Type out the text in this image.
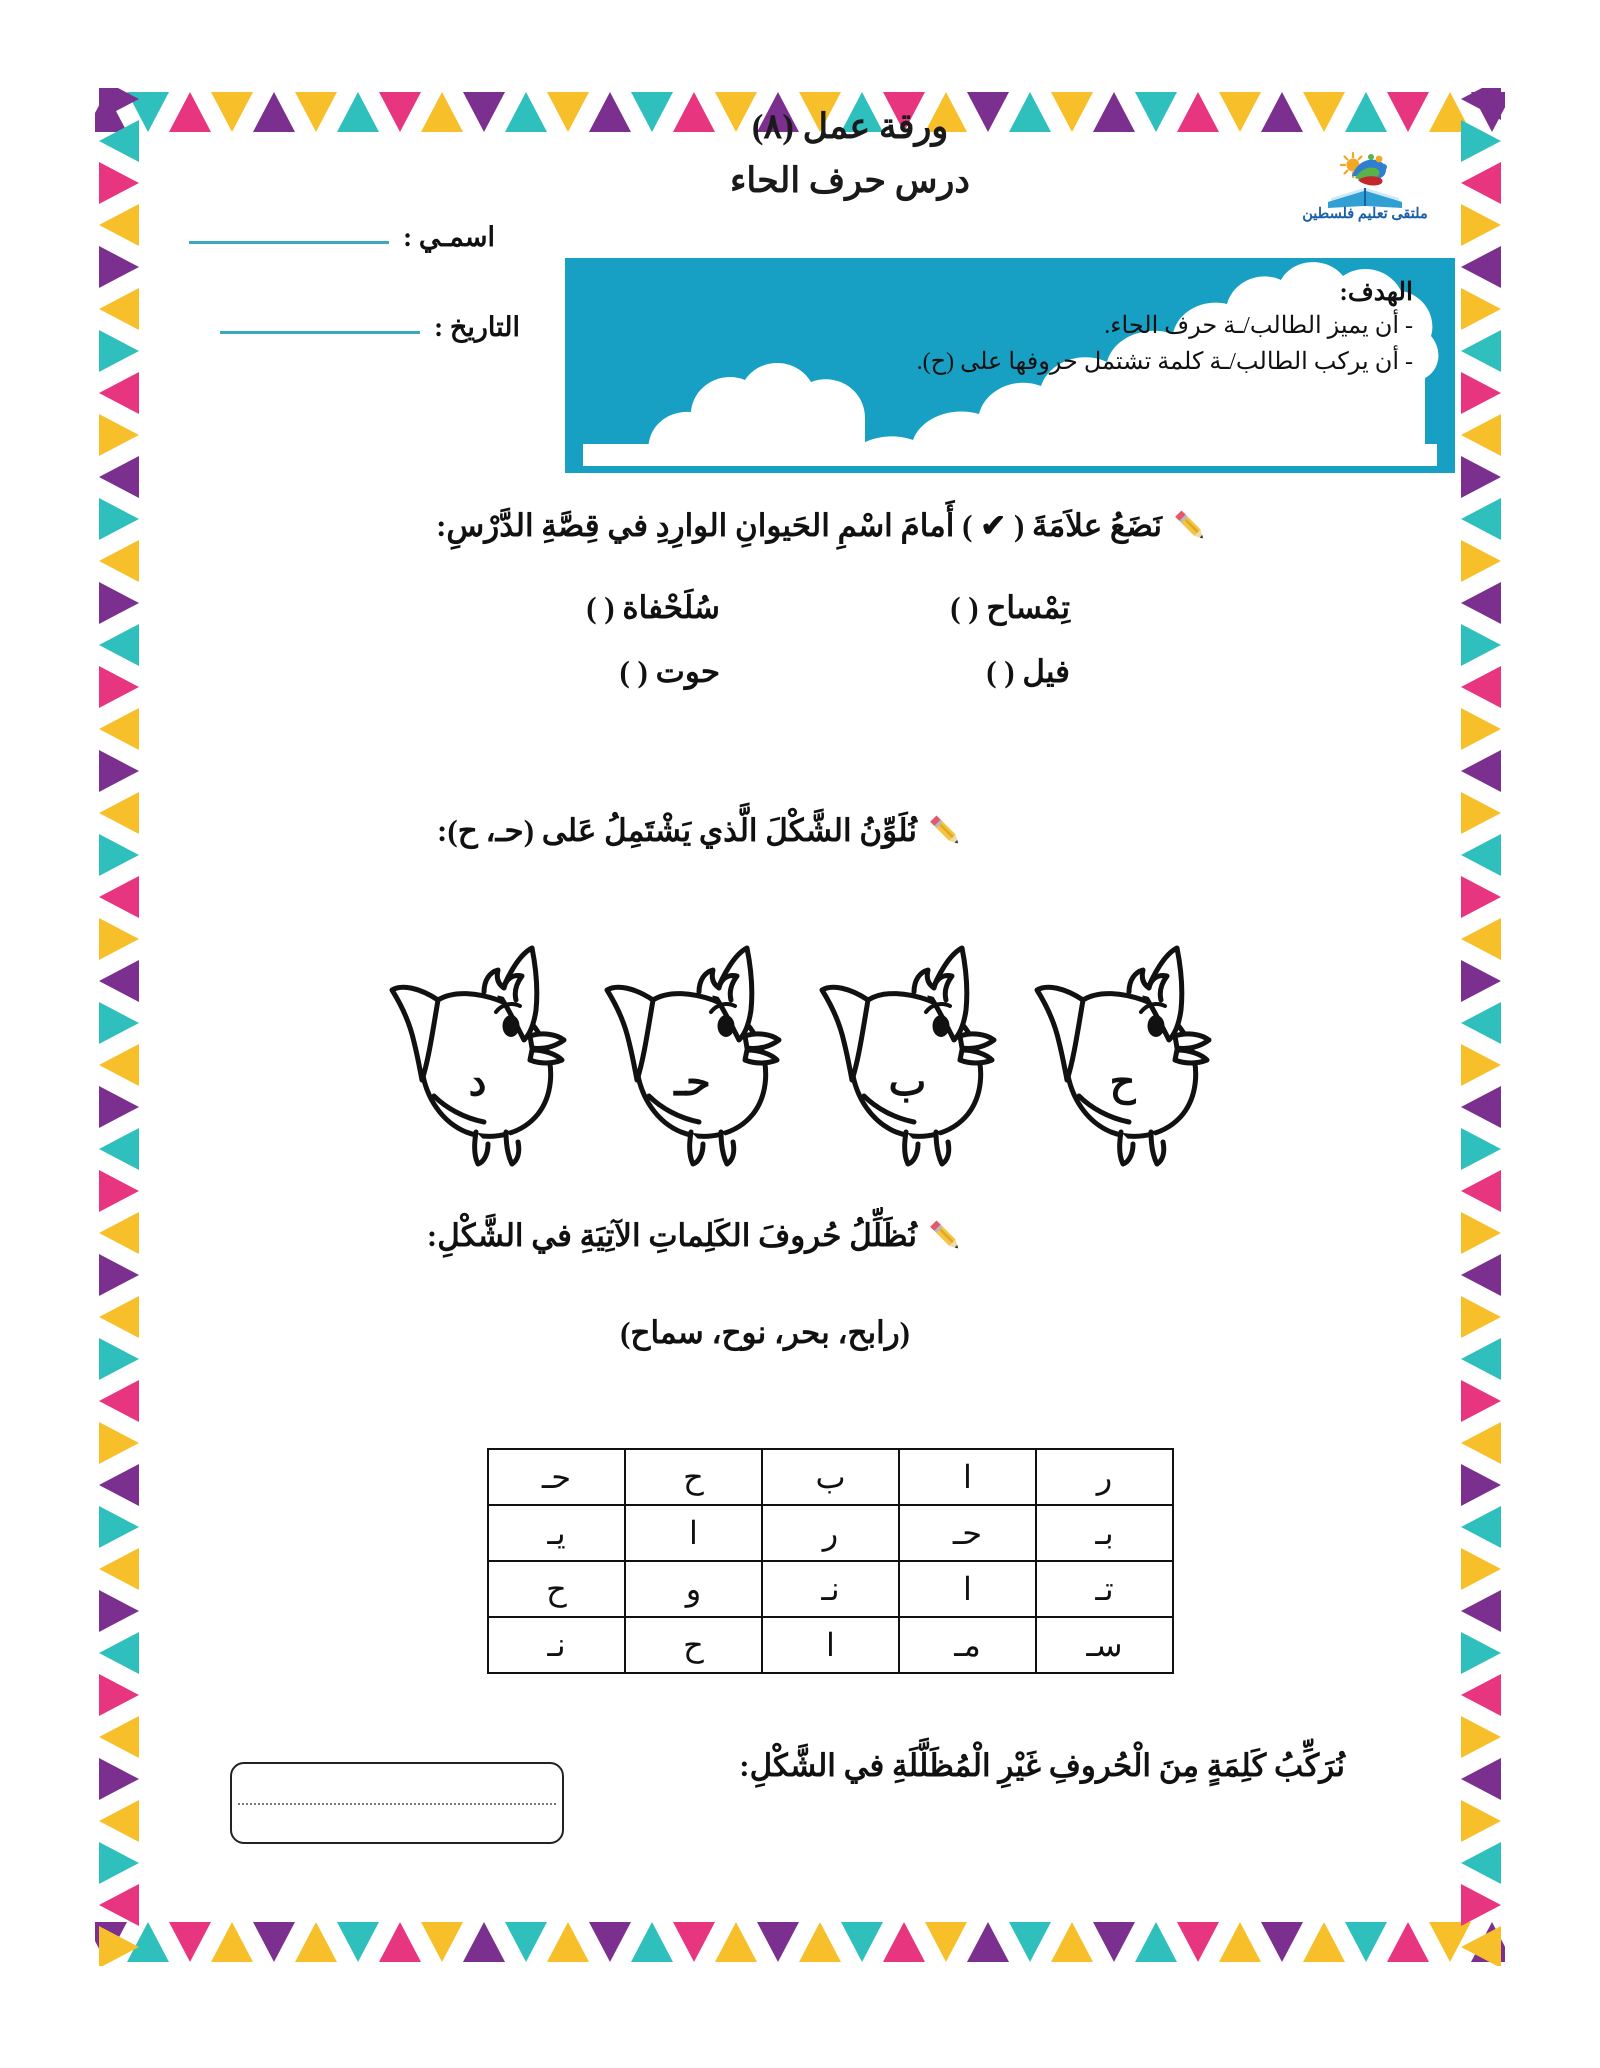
ورقة عمل (٨)
درس حرف الحاء
ملتقى تعليم فلسطين
اسمـي :
التاريخ :
الهدف:
- أن يميز الطالب/ـة حرف الحاء.
- أن يركب الطالب/ـة كلمة تشتمل حروفها على (ح).
نَضَعُ علاَمَةَ ( ✔ ) أَمامَ اسْمِ الحَيوانِ الوارِدِ في قِصَّةِ الدَّرْسِ:
تِمْساح ( )
سُلَحْفاة ( )
فيل ( )
حوت ( )
نُلَوِّنُ الشَّكْلَ الَّذي يَشْتَمِلُ عَلى (حـ، ح):
د	حـ	ب	ح
نُظَلِّلُ حُروفَ الكَلِماتِ الآتِيَةِ في الشَّكْلِ:
(رابح، بحر، نوح، سماح)
ر	ا	ب	ح	حـ
بـ	حـ	ر	ا	يـ
تـ	ا	نـ	و	ح
سـ	مـ	ا	ح	نـ
نُرَكِّبُ كَلِمَةٍ مِنَ الْحُروفِ غَيْرِ الْمُظَلَّلَةِ في الشَّكْلِ:
